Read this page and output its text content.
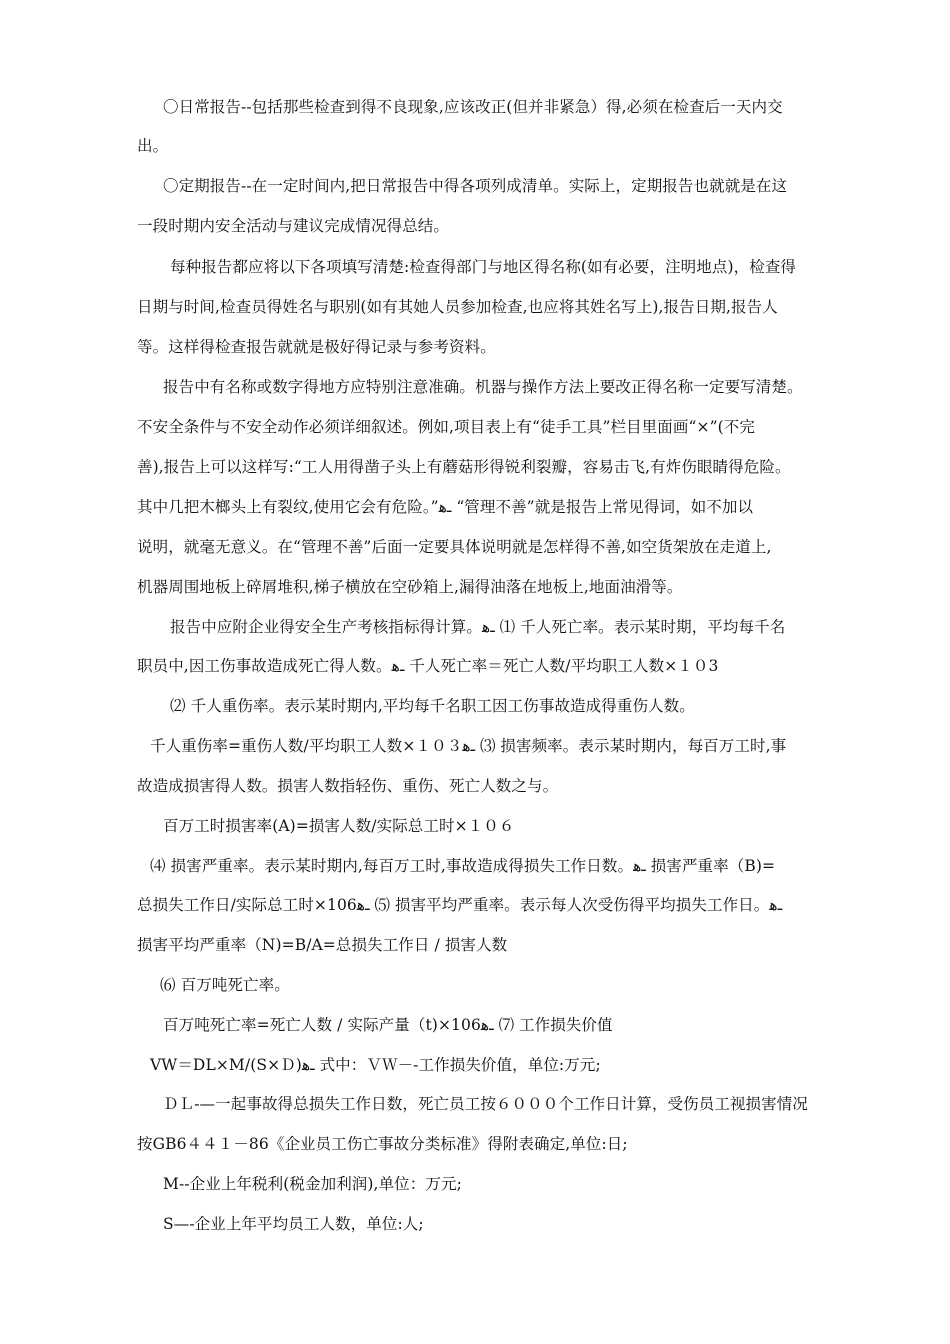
〇日常报告--包括那些检查到得不良现象,应该改正(但并非紧急）得,必须在检查后一天内交
出。
〇定期报告--在一定时间内,把日常报告中得各项列成清单。实际上，定期报告也就就是在这
一段时期内安全活动与建议完成情况得总结。
每种报告都应将以下各项填写清楚:检查得部门与地区得名称(如有必要，注明地点)，检查得
日期与时间,检查员得姓名与职别(如有其她人员参加检查,也应将其姓名写上),报告日期,报告人
等。这样得检查报告就就是极好得记录与参考资料。
报告中有名称或数字得地方应特别注意准确。机器与操作方法上要改正得名称一定要写清楚。
不安全条件与不安全动作必须详细叙述。例如,项目表上有“徒手工具”栏目里面画“×”(不完
善),报告上可以这样写:“工人用得凿子头上有蘑菇形得锐利裂瓣，容易击飞,有炸伤眼睛得危险。
其中几把木榔头上有裂纹,使用它会有危险。”ـﻫ “管理不善”就是报告上常见得词，如不加以
说明，就毫无意义。在“管理不善”后面一定要具体说明就是怎样得不善,如空货架放在走道上,
机器周围地板上碎屑堆积,梯子横放在空砂箱上,漏得油落在地板上,地面油滑等。
报告中应附企业得安全生产考核指标得计算。ـﻫ ⑴ 千人死亡率。表示某时期，平均每千名
职员中,因工伤事故造成死亡得人数。ـﻫ 千人死亡率＝死亡人数/平均职工人数×１０3
⑵ 千人重伤率。表示某时期内,平均每千名职工因工伤事故造成得重伤人数。
千人重伤率=重伤人数/平均职工人数×１０３ـﻫ ⑶ 损害频率。表示某时期内，每百万工时,事
故造成损害得人数。损害人数指轻伤、重伤、死亡人数之与。
百万工时损害率(A)=损害人数/实际总工时×１０６
⑷ 损害严重率。表示某时期内,每百万工时,事故造成得损失工作日数。ـﻫ 损害严重率（B)=
总损失工作日/实际总工时×106ـﻫ ⑸ 损害平均严重率。表示每人次受伤得平均损失工作日。ـﻫ
损害平均严重率（N)=B/A=总损失工作日 / 损害人数
⑹ 百万吨死亡率。
百万吨死亡率=死亡人数 / 实际产量（t)×106ـﻫ ⑺ 工作损失价值
VW＝DL×M/(S×Ｄ)ـﻫ 式中：ＶＷ－-工作损失价值，单位:万元;
ＤＬ-—一起事故得总损失工作日数，死亡员工按６０００个工作日计算，受伤员工视损害情况
按GB6４４１－86《企业员工伤亡事故分类标准》得附表确定,单位:日;
M--企业上年税利(税金加利润),单位：万元;
S—-企业上年平均员工人数，单位:人;
